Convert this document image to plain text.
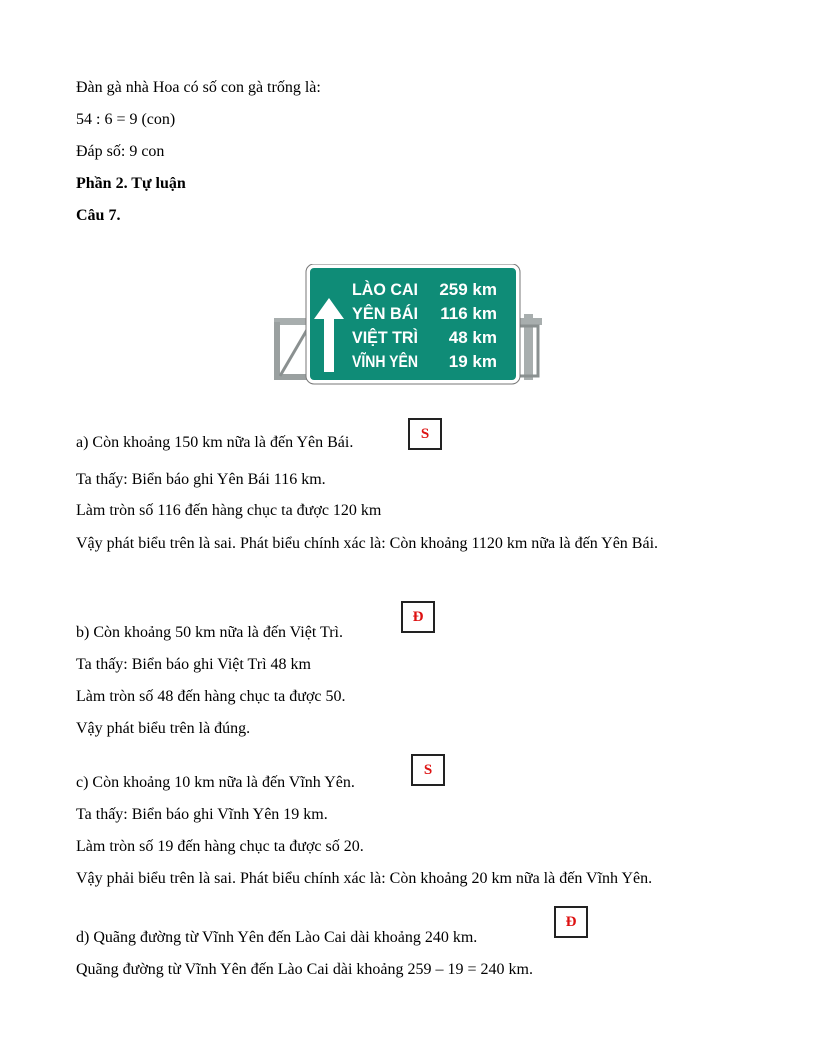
Đàn gà nhà Hoa có số con gà trống là:
54 : 6 = 9 (con)
Đáp số: 9 con
Phần 2. Tự luận
Câu 7.
LÀO CAI 259 km
YÊN BÁI 116 km
VIỆT TRÌ 48 km
VĨNH YÊN 19 km
a) Còn khoảng 150 km nữa là đến Yên Bái.	S
Ta thấy: Biển báo ghi Yên Bái 116 km.
Làm tròn số 116 đến hàng chục ta được 120 km
Vậy phát biểu trên là sai. Phát biểu chính xác là: Còn khoảng 1120 km nữa là đến Yên Bái.
b) Còn khoảng 50 km nữa là đến Việt Trì.
Đ
Ta thấy: Biển báo ghi Việt Trì 48 km
Làm tròn số 48 đến hàng chục ta được 50.
Vậy phát biểu trên là đúng.
c) Còn khoảng 10 km nữa là đến Vĩnh Yên.
S
Ta thấy: Biển báo ghi Vĩnh Yên 19 km.
Làm tròn số 19 đến hàng chục ta được số 20.
Vậy phải biểu trên là sai. Phát biểu chính xác là: Còn khoảng 20 km nữa là đến Vĩnh Yên.
d) Quãng đường từ Vĩnh Yên đến Lào Cai dài khoảng 240 km.
Đ
Quãng đường từ Vĩnh Yên đến Lào Cai dài khoảng 259 – 19 = 240 km.
